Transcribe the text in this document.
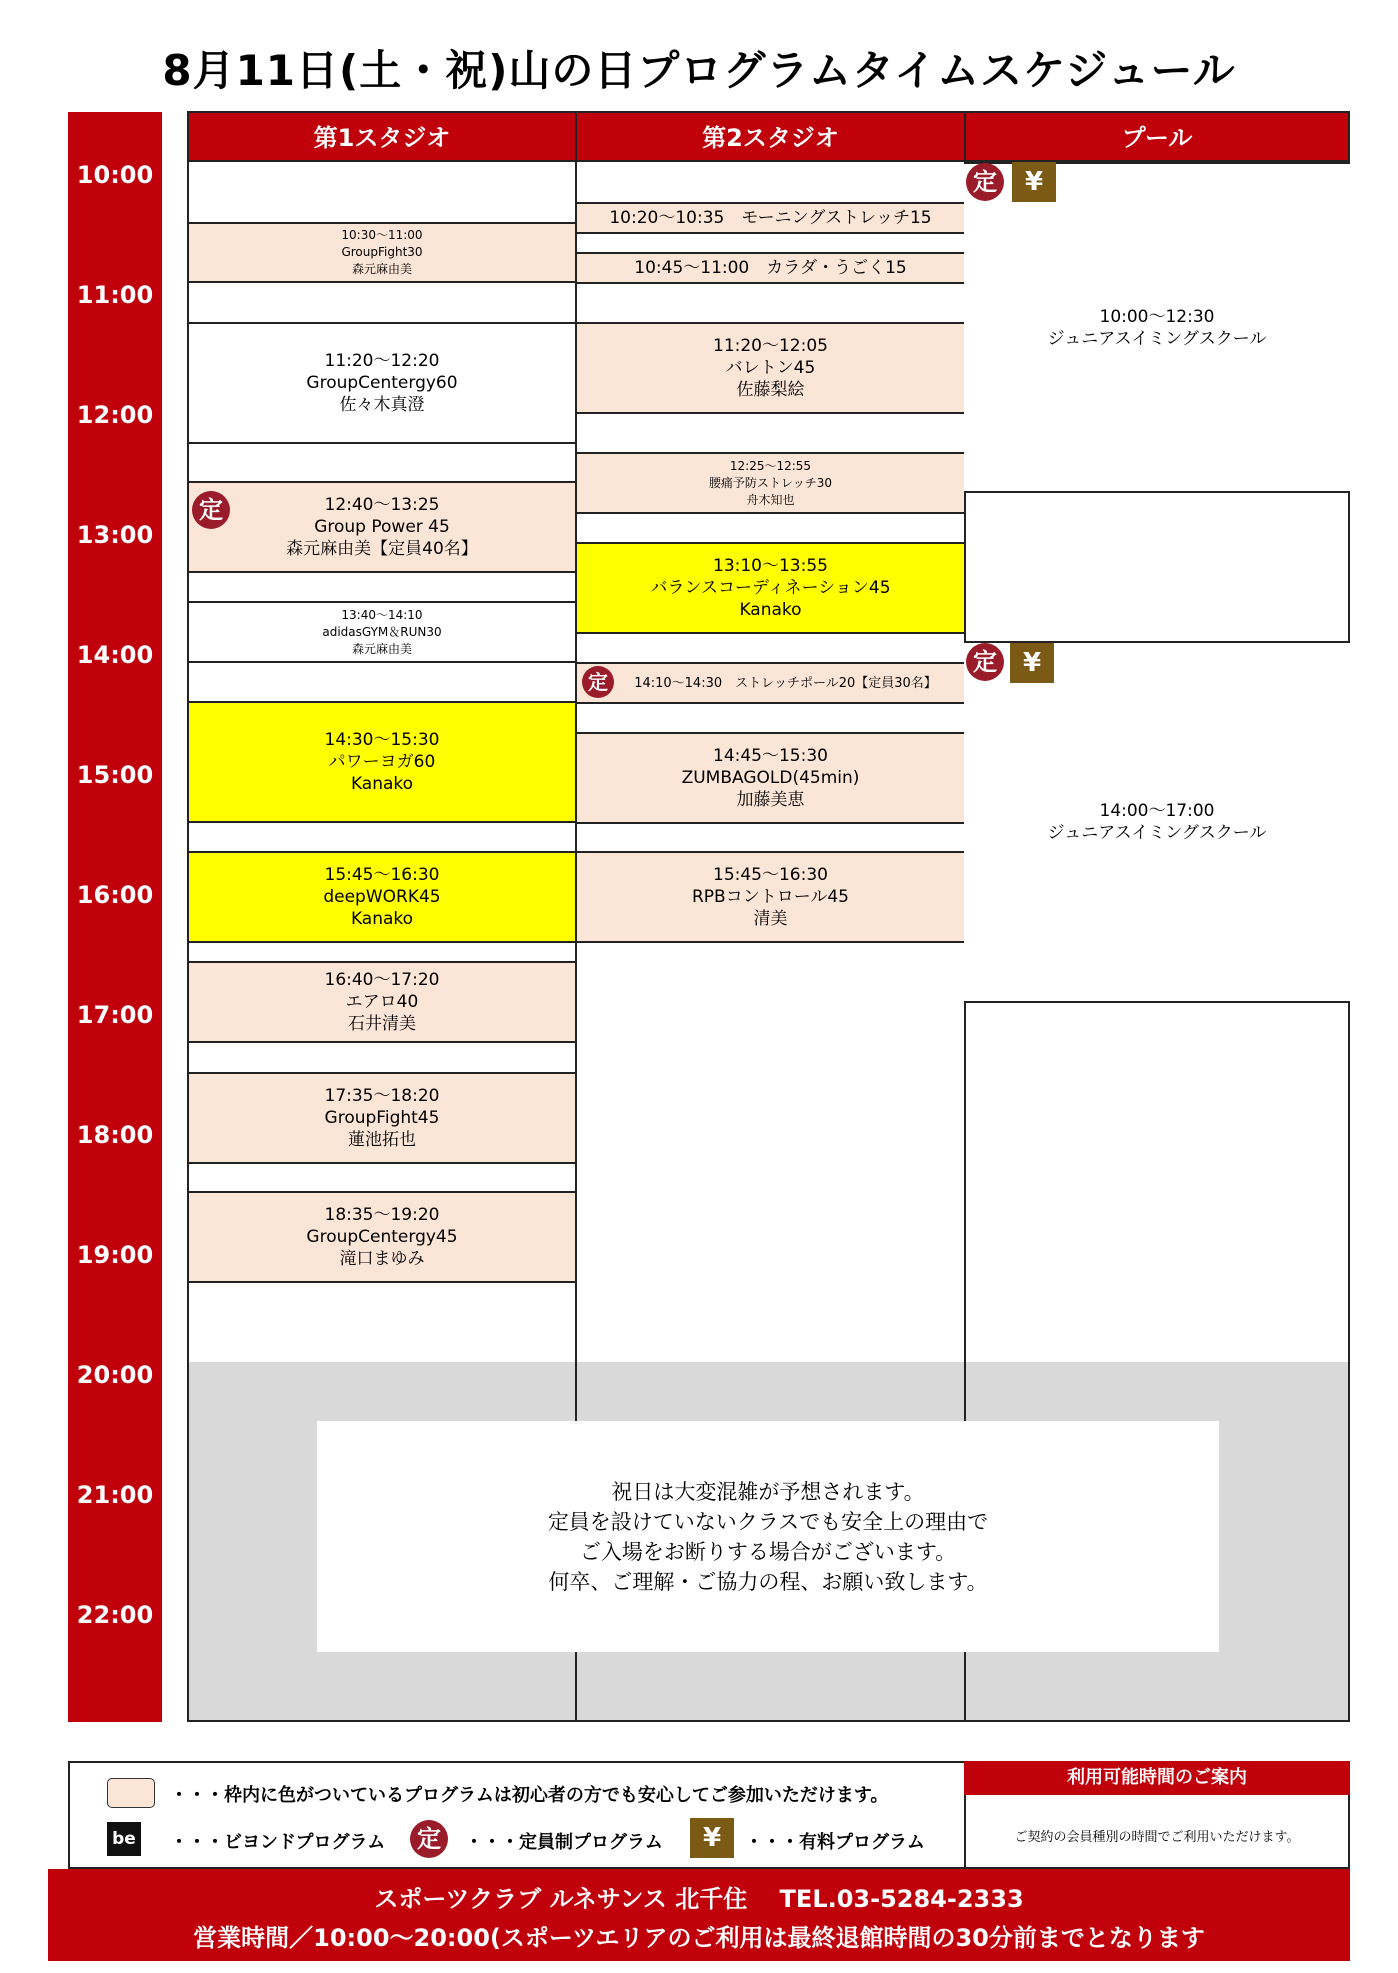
8月11日(土・祝)山の日プログラムタイムスケジュール
10:00
11:00
12:00
13:00
14:00
15:00
16:00
17:00
18:00
19:00
20:00
21:00
22:00
第1スタジオ	第2スタジオ	プール
10:30～11:00
GroupFight30
森元麻由美
11:20～12:20
GroupCentergy60
佐々木真澄
12:40～13:25
Group Power 45
森元麻由美【定員40名】
定
13:40～14:10
adidasGYM＆RUN30
森元麻由美
14:30～15:30
パワーヨガ60
Kanako
15:45～16:30
deepWORK45
Kanako
16:40～17:20
エアロ40
石井清美
17:35～18:20
GroupFight45
蓮池拓也
18:35～19:20
GroupCentergy45
滝口まゆみ
10:20～10:35　モーニングストレッチ15
10:45～11:00　カラダ・うごく15
11:20～12:05
バレトン45
佐藤梨絵
12:25～12:55
腰痛予防ストレッチ30
舟木知也
13:10～13:55
バランスコーディネーション45
Kanako
14:10～14:30　ストレッチポール20【定員30名】
定
14:45～15:30
ZUMBAGOLD(45min)
加藤美恵
15:45～16:30
RPBコントロール45
清美
10:00～12:30
ジュニアスイミングスクール
定	¥
14:00～17:00
ジュニアスイミングスクール
定 ¥
祝日は大変混雑が予想されます。
定員を設けていないクラスでも安全上の理由で
ご入場をお断りする場合がございます。
何卒、ご理解・ご協力の程、お願い致します。
・・・枠内に色がついているプログラムは初心者の方でも安心してご参加いただけます。
be ・・・ビヨンドプログラム 定	・・・定員制プログラム	¥	・・・有料プログラム
利用可能時間のご案内
ご契約の会員種別の時間でご利用いただけます。
スポーツクラブ ルネサンス 北千住　 TEL.03-5284-2333
営業時間／10:00～20:00(スポーツエリアのご利用は最終退館時間の30分前までとなります
